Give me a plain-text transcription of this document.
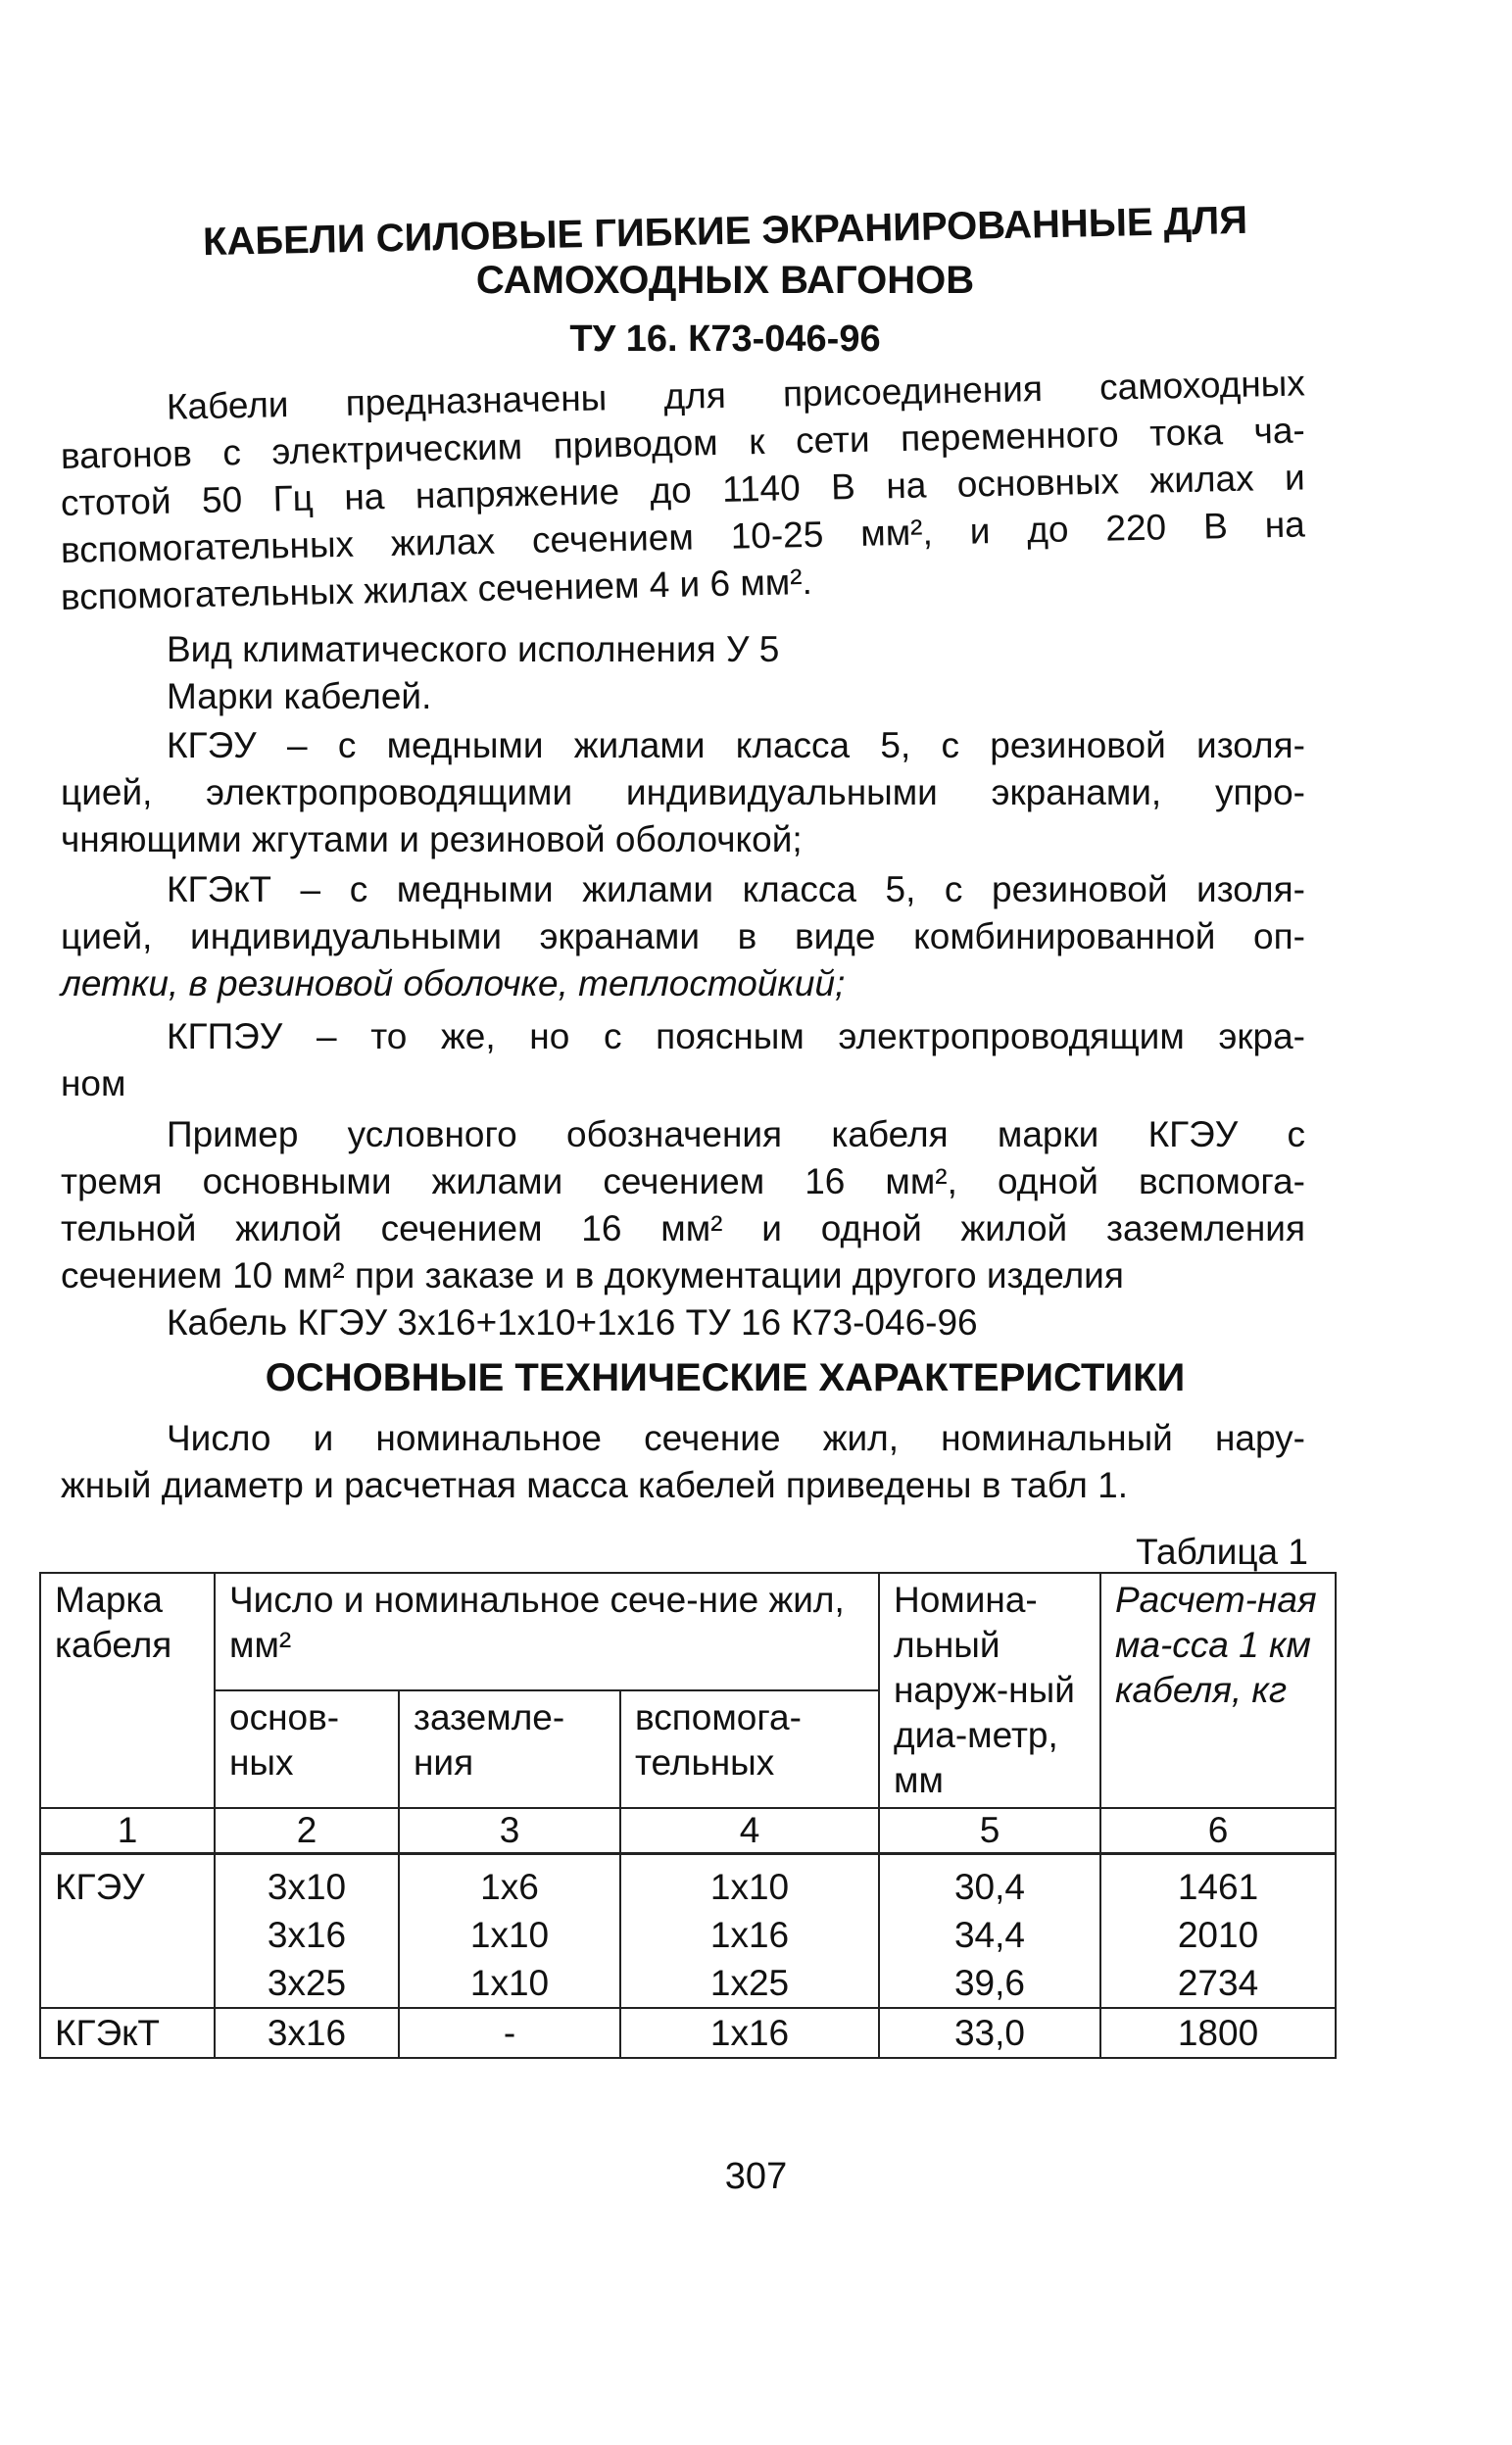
КАБЕЛИ СИЛОВЫЕ ГИБКИЕ ЭКРАНИРОВАННЫЕ ДЛЯ
САМОХОДНЫХ ВАГОНОВ
ТУ 16. К73-046-96

Кабели предназначены для присоединения самоходных

вагонов с электрическим приводом к сети переменного тока ча-

стотой 50 Гц на напряжение до 1140 В на основных жилах и

вспомогательных жилах сечением 10-25 мм², и до 220 В на

вспомогательных жилах сечением 4 и 6 мм².

Вид климатического исполнения У 5

Марки кабелей.

КГЭУ – с медными жилами класса 5, с резиновой изоля-

цией, электропроводящими индивидуальными экранами, упро-

чняющими жгутами и резиновой оболочкой;

КГЭкТ – с медными жилами класса 5, с резиновой изоля-

цией, индивидуальными экранами в виде комбинированной оп-

летки, в резиновой оболочке, теплостойкий;

КГПЭУ – то же, но с поясным электропроводящим экра-

ном

Пример условного обозначения кабеля марки КГЭУ с

тремя основными жилами сечением 16 мм², одной вспомога-

тельной жилой сечением 16 мм² и одной жилой заземления

сечением 10 мм² при заказе и в документации другого изделия

Кабель КГЭУ 3х16+1х10+1х16 ТУ 16 К73-046-96

ОСНОВНЫЕ ТЕХНИЧЕСКИЕ ХАРАКТЕРИСТИКИ

Число и номинальное сечение жил, номинальный нару-

жный диаметр и расчетная масса кабелей приведены в табл 1.

Таблица 1
Марка кабеля	Число и номинальное сече-ние жил, мм²			Номина-льный наруж-ный диа-метр, мм	Расчет-ная ма-сса 1 км кабеля, кг
	основ-ных	заземле-ния	вспомога-тельных		
1	2	3	4	5	6
КГЭУ	3х10	1х6	1х10	30,4	1461
	3х16	1х10	1х16	34,4	2010
	3х25	1х10	1х25	39,6	2734
КГЭкТ	3х16	-	1х16	33,0	1800
307
